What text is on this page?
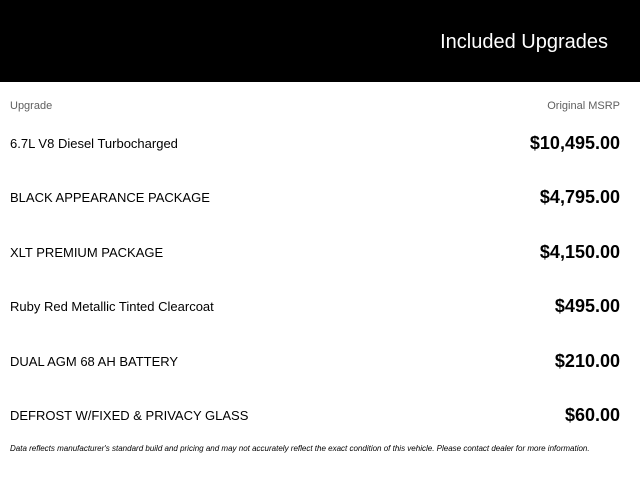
Included Upgrades
Upgrade	Original MSRP
6.7L V8 Diesel Turbocharged	$10,495.00
BLACK APPEARANCE PACKAGE	$4,795.00
XLT PREMIUM PACKAGE	$4,150.00
Ruby Red Metallic Tinted Clearcoat	$495.00
DUAL AGM 68 AH BATTERY	$210.00
DEFROST W/FIXED & PRIVACY GLASS	$60.00
Data reflects manufacturer's standard build and pricing and may not accurately reflect the exact condition of this vehicle. Please contact dealer for more information.
